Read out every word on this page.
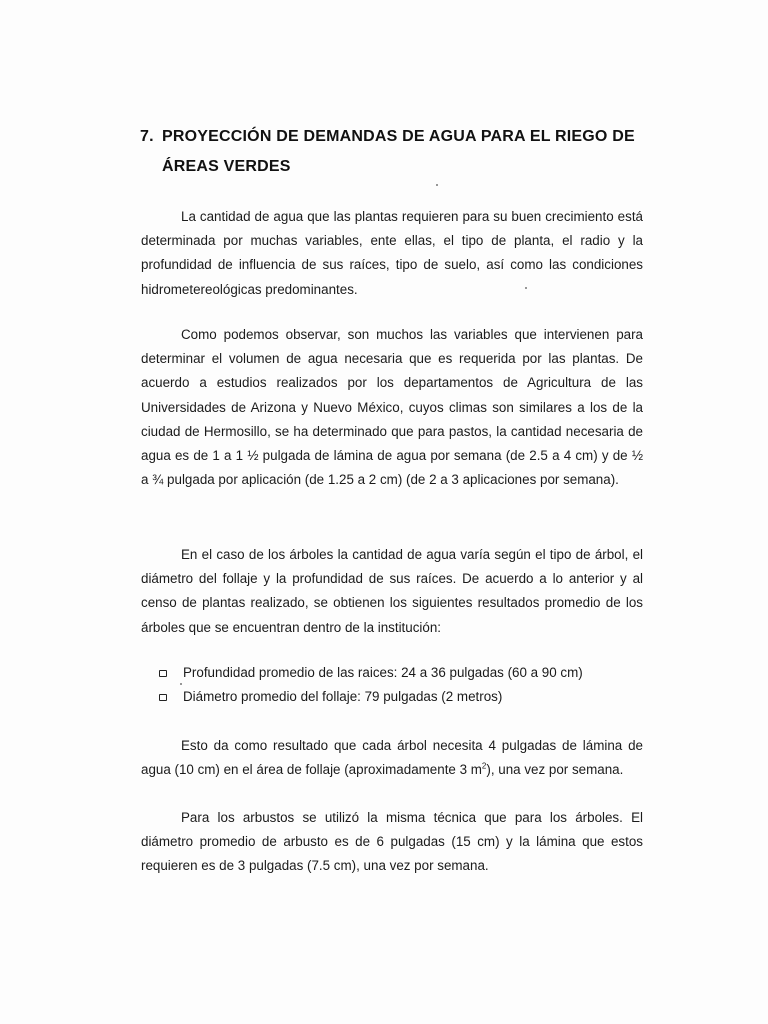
7. PROYECCIÓN DE DEMANDAS DE AGUA PARA EL RIEGO DE
ÁREAS VERDES

La cantidad de agua que las plantas requieren para su buen crecimiento está determinada por muchas variables, ente ellas, el tipo de planta, el radio y la profundidad de influencia de sus raíces, tipo de suelo, así como las condiciones hidrometereológicas predominantes.

Como podemos observar, son muchos las variables que intervienen para determinar el volumen de agua necesaria que es requerida por las plantas. De acuerdo a estudios realizados por los departamentos de Agricultura de las Universidades de Arizona y Nuevo México, cuyos climas son similares a los de la ciudad de Hermosillo, se ha determinado que para pastos, la cantidad necesaria de agua es de 1 a 1 ½ pulgada de lámina de agua por semana (de 2.5 a 4 cm) y de ½ a ¾ pulgada por aplicación (de 1.25 a 2 cm) (de 2 a 3 aplicaciones por semana).

En el caso de los árboles la cantidad de agua varía según el tipo de árbol, el diámetro del follaje y la profundidad de sus raíces. De acuerdo a lo anterior y al censo de plantas realizado, se obtienen los siguientes resultados promedio de los árboles que se encuentran dentro de la institución:

Profundidad promedio de las raices: 24 a 36 pulgadas (60 a 90 cm)
Diámetro promedio del follaje: 79 pulgadas (2 metros)

Esto da como resultado que cada árbol necesita 4 pulgadas de lámina de agua (10 cm) en el área de follaje (aproximadamente 3 $m^2$), una vez por semana.

Para los arbustos se utilizó la misma técnica que para los árboles. El diámetro promedio de arbusto es de 6 pulgadas (15 cm) y la lámina que estos requieren es de 3 pulgadas (7.5 cm), una vez por semana.
